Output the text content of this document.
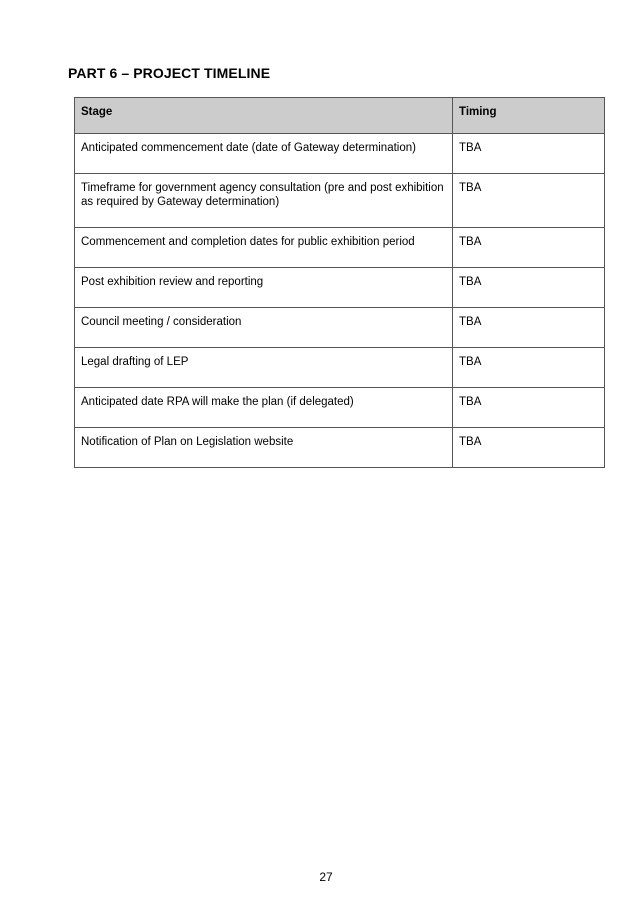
PART 6 – PROJECT TIMELINE
Stage	Timing
Anticipated commencement date (date of Gateway determination)	TBA
Timeframe for government agency consultation (pre and post exhibition as required by Gateway determination)	TBA
Commencement and completion dates for public exhibition period	TBA
Post exhibition review and reporting	TBA
Council meeting / consideration	TBA
Legal drafting of LEP	TBA
Anticipated date RPA will make the plan (if delegated)	TBA
Notification of Plan on Legislation website	TBA
27
